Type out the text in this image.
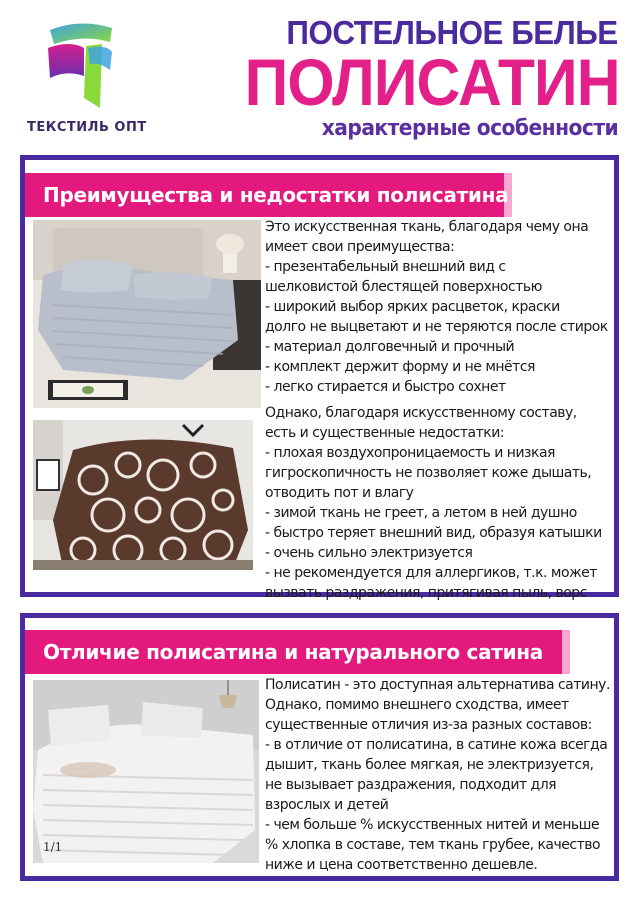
ТЕКСТИЛЬ ОПТ
ПОСТЕЛЬНОЕ БЕЛЬЕ
ПОЛИСАТИН
характерные особенности
Преимущества и недостатки полисатина
Это искусственная ткань, благодаря чему она
имеет свои преимущества:
- презентабельный внешний вид с
шелковистой блестящей поверхностью
- широкий выбор ярких расцветок, краски
долго не выцветают и не теряются после стирок
- материал долговечный и прочный
- комплект держит форму и не мнётся
- легко стирается и быстро сохнет
Однако, благодаря искусственному составу,
есть и существенные недостатки:
- плохая воздухопроницаемость и низкая
гигроскопичность не позволяет коже дышать,
отводить пот и влагу
- зимой ткань не греет, а летом в ней душно
- быстро теряет внешний вид, образуя катышки
- очень сильно электризуется
- не рекомендуется для аллергиков, т.к. может
вызвать раздражения, притягивая пыль, ворс
Отличие полисатина и натурального сатина
1/1
Полисатин - это доступная альтернатива сатину.
Однако, помимо внешнего сходства, имеет
существенные отличия из-за разных составов:
- в отличие от полисатина, в сатине кожа всегда
дышит, ткань более мягкая, не электризуется,
не вызывает раздражения, подходит для
взрослых и детей
- чем больше % искусственных нитей и меньше
% хлопка в составе, тем ткань грубее, качество
ниже и цена соответственно дешевле.
